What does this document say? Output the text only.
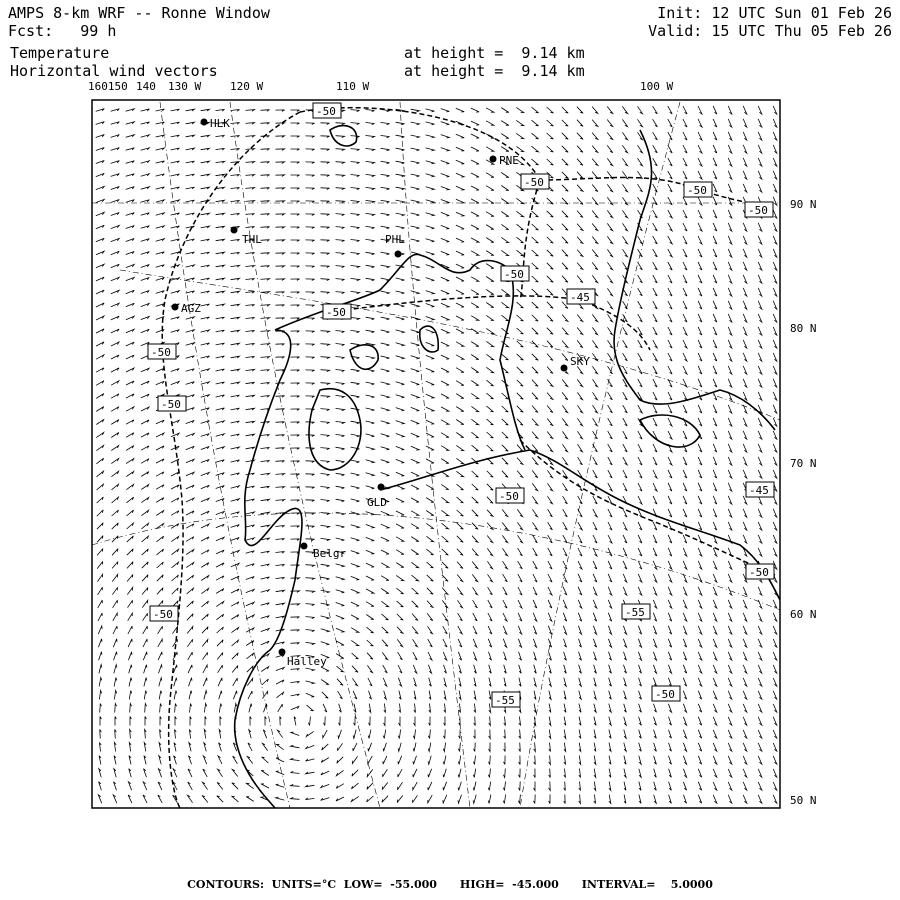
AMPS 8-km WRF -- Ronne Window
Fcst:   99 h
Temperature
Horizontal wind vectors
at height =  9.14 km
at height =  9.14 km
Init: 12 UTC Sun 01 Feb 26
Valid: 15 UTC Thu 05 Feb 26
160150 140 130 W	120 W	110 W	100 W
90 N
80 N
70 N
60 N
50 N
HLK
PNE
THL	PHL
AGZ
SKY
GLD
Belgr
Halley
-50
-50
-50
-50
-45
-50
-50
-50
-50
-50	-45
-50	-55
-50
-55	-50
CONTOURS:  UNITS=°C  LOW=  -55.000      HIGH=  -45.000      INTERVAL=    5.0000
